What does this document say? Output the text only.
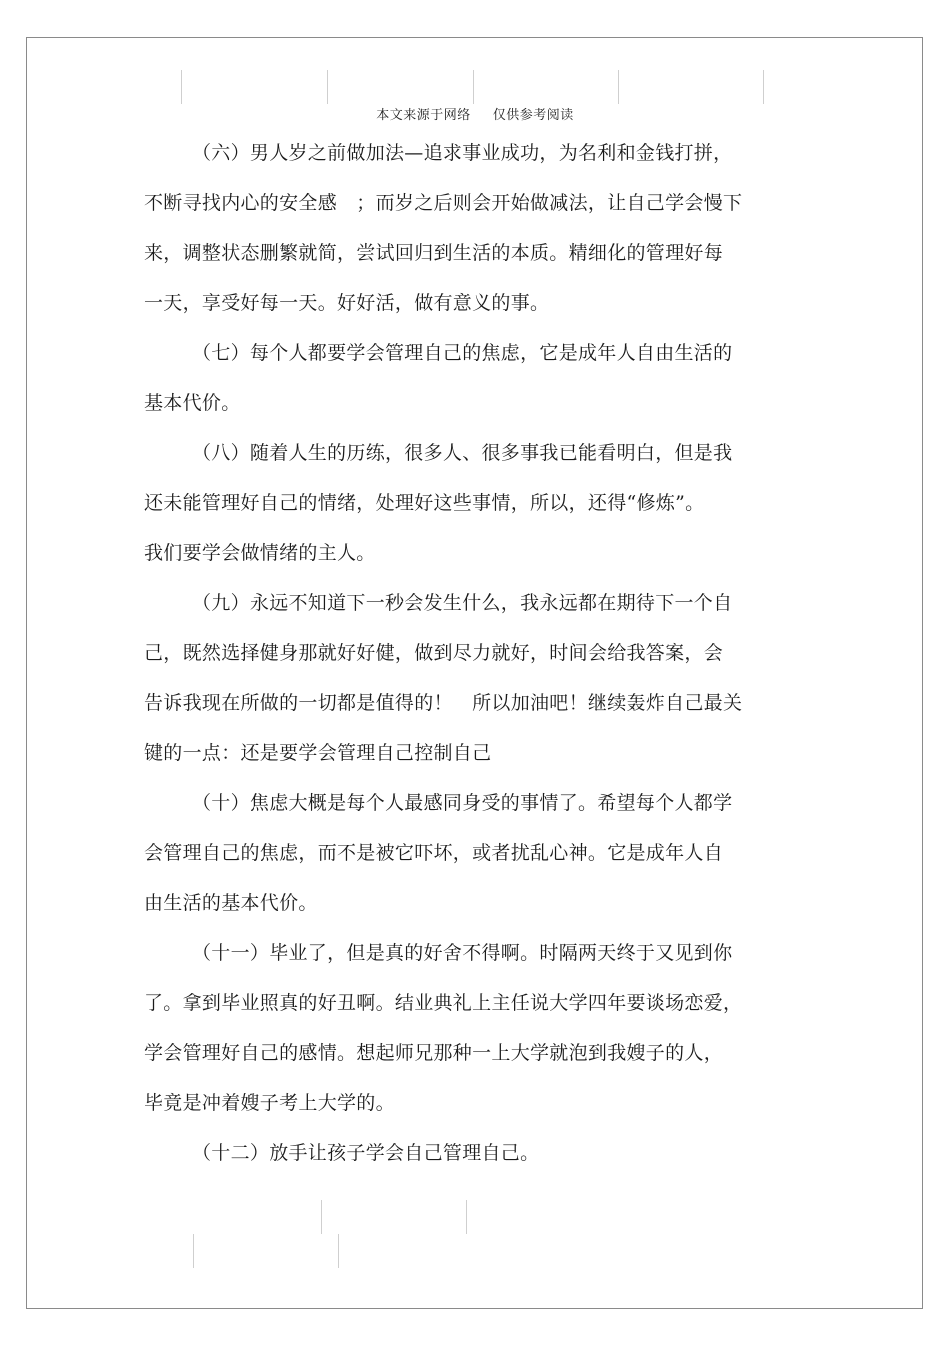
本文来源于网络 仅供参考阅读
（六）男人岁之前做加法—追求事业成功，为名利和金钱打拼，
不断寻找内心的安全感　；而岁之后则会开始做减法，让自己学会慢下
来，调整状态删繁就简，尝试回归到生活的本质。精细化的管理好每
一天，享受好每一天。好好活，做有意义的事。
（七）每个人都要学会管理自己的焦虑，它是成年人自由生活的
基本代价。
（八）随着人生的历练，很多人、很多事我已能看明白，但是我
还未能管理好自己的情绪，处理好这些事情，所以，还得“修炼”。
我们要学会做情绪的主人。
（九）永远不知道下一秒会发生什么，我永远都在期待下一个自
己，既然选择健身那就好好健，做到尽力就好，时间会给我答案，会
告诉我现在所做的一切都是值得的！　所以加油吧！继续轰炸自己最关
键的一点：还是要学会管理自己控制自己
（十）焦虑大概是每个人最感同身受的事情了。希望每个人都学
会管理自己的焦虑，而不是被它吓坏，或者扰乱心神。它是成年人自
由生活的基本代价。
（十一）毕业了，但是真的好舍不得啊。时隔两天终于又见到你
了。拿到毕业照真的好丑啊。结业典礼上主任说大学四年要谈场恋爱，
学会管理好自己的感情。想起师兄那种一上大学就泡到我嫂子的人，
毕竟是冲着嫂子考上大学的。
（十二）放手让孩子学会自己管理自己。
